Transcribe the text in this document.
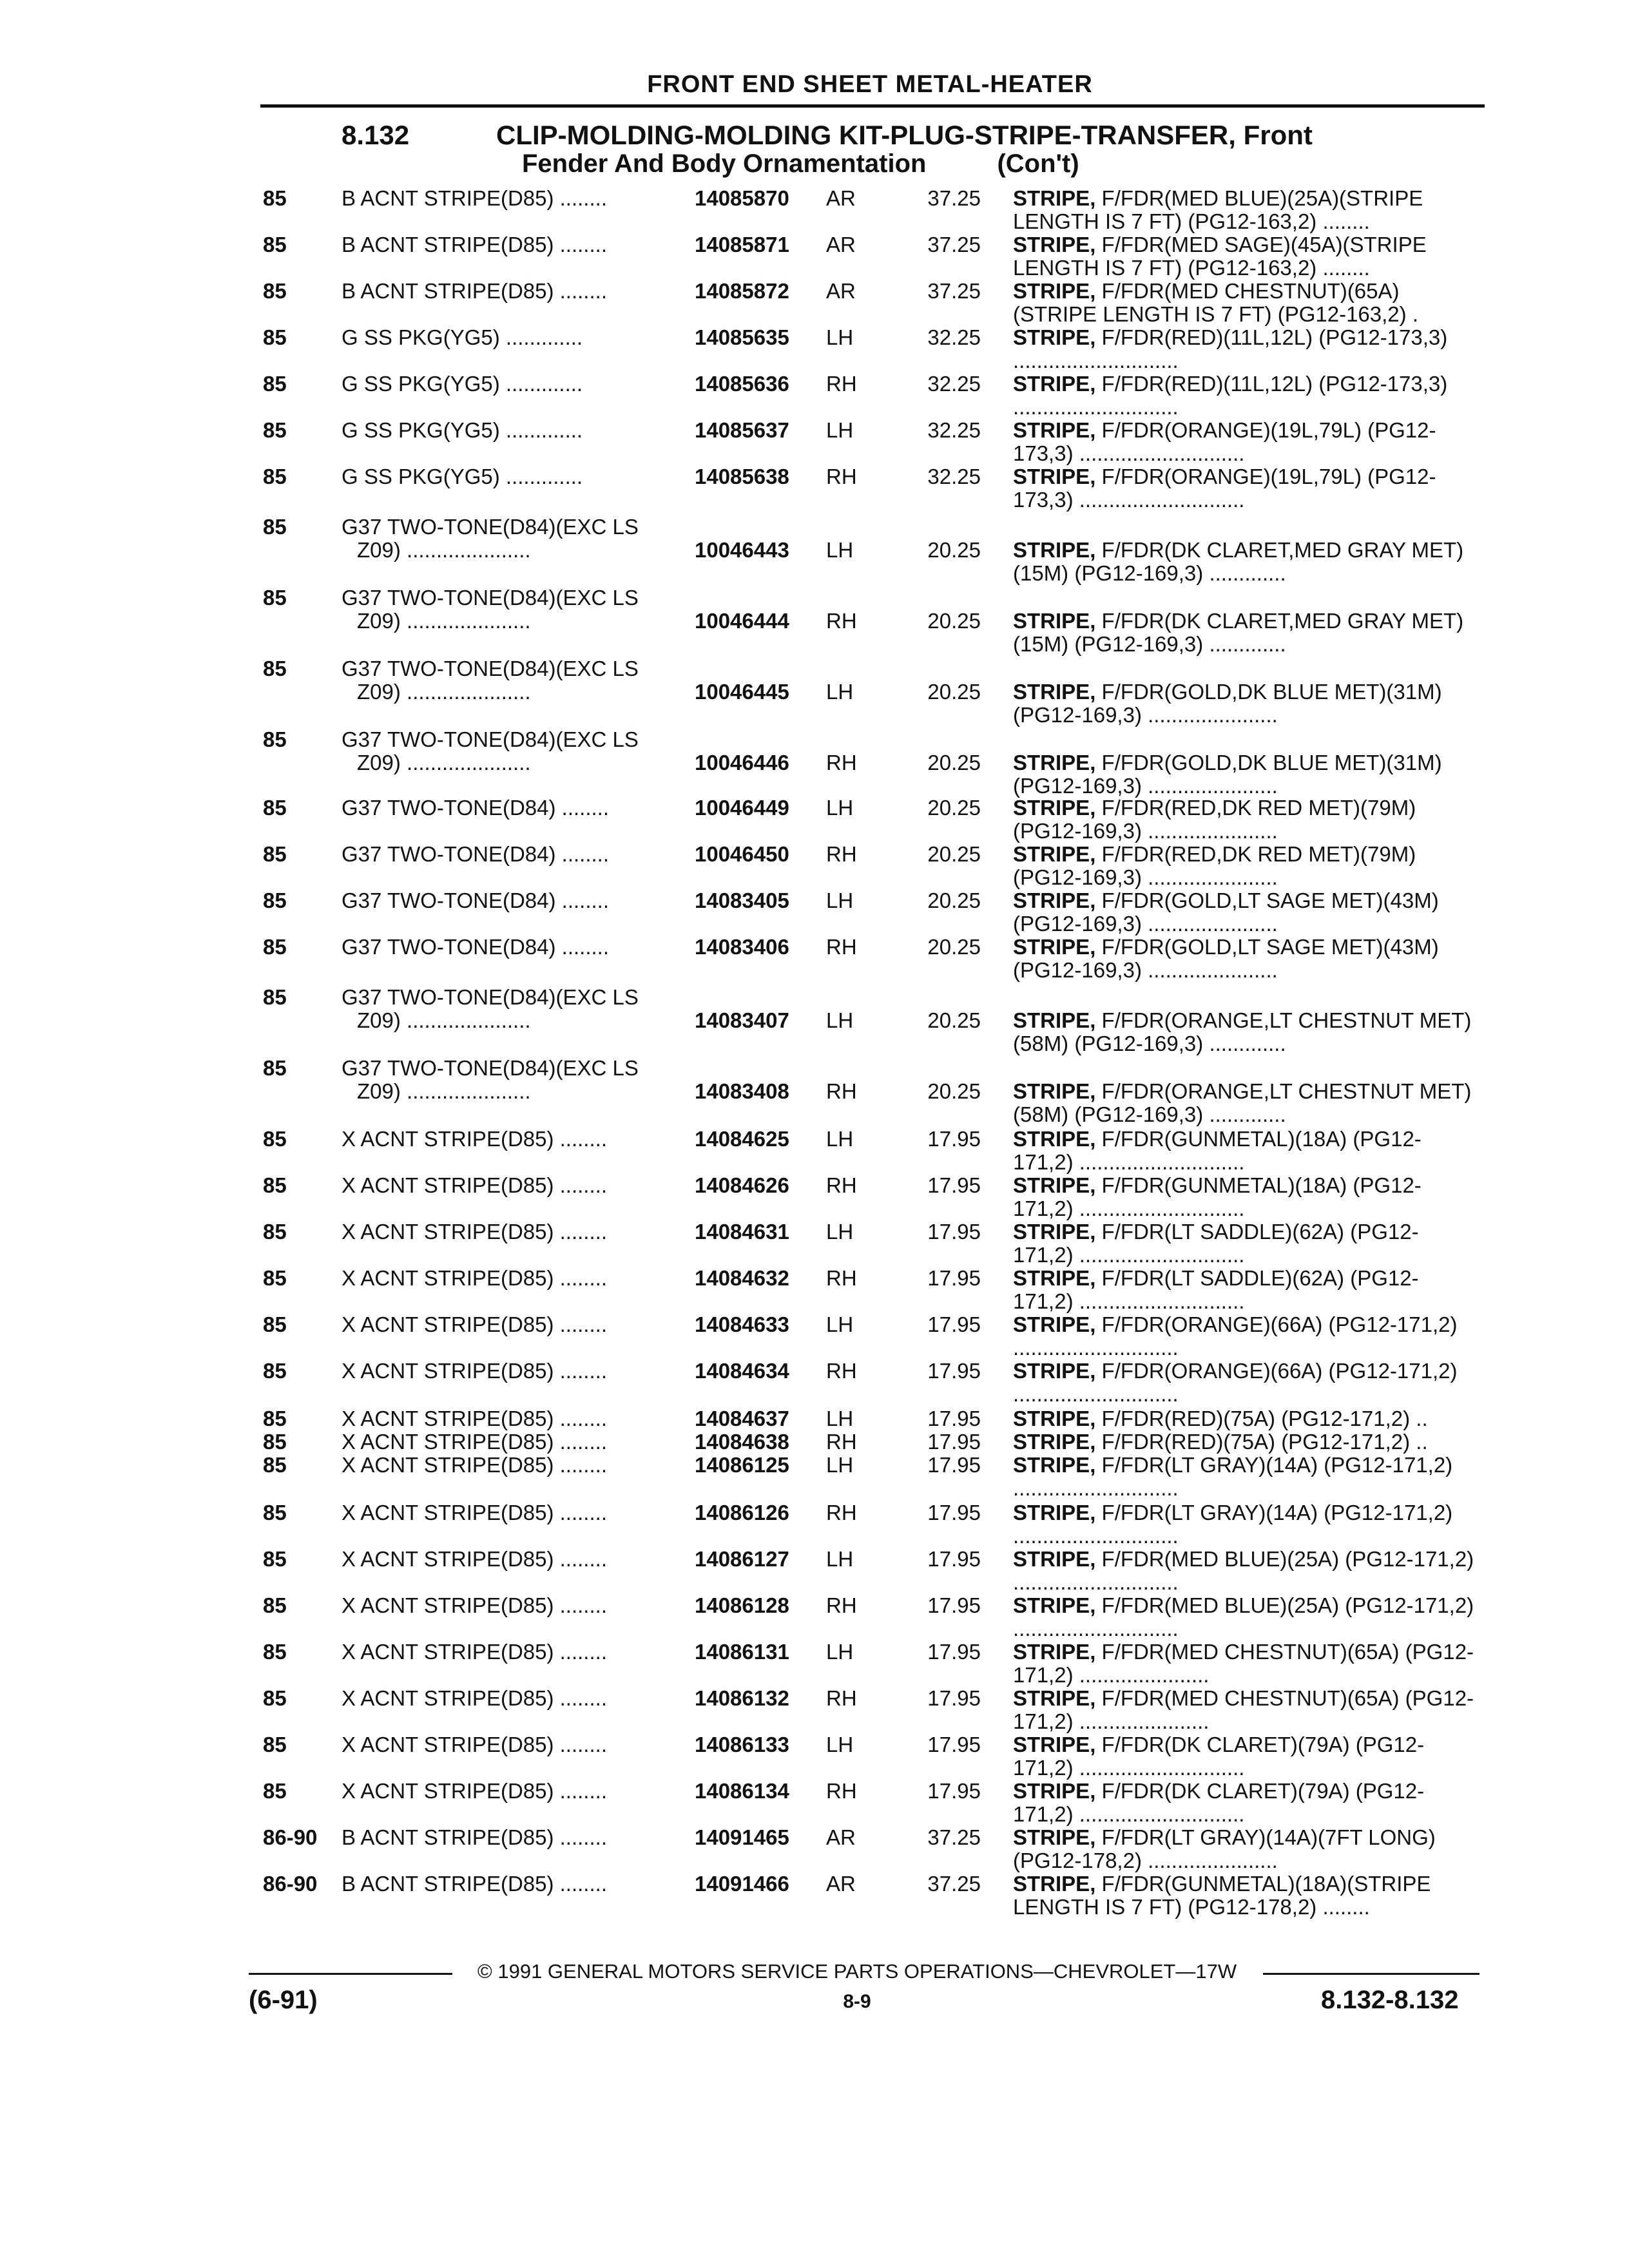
FRONT END SHEET METAL-HEATER
8.132	CLIP-MOLDING-MOLDING KIT-PLUG-STRIPE-TRANSFER, Front
Fender And Body Ornamentation	(Con't)
85	B ACNT STRIPE(D85) ........	14085870 AR	37.25 STRIPE, F/FDR(MED BLUE)(25A)(STRIPE LENGTH IS 7 FT) (PG12-163,2) ........
85	B ACNT STRIPE(D85) ........	14085871 AR	37.25 STRIPE, F/FDR(MED SAGE)(45A)(STRIPE LENGTH IS 7 FT) (PG12-163,2) ........
85	B ACNT STRIPE(D85) ........	14085872 AR	37.25 STRIPE, F/FDR(MED CHESTNUT)(65A) (STRIPE LENGTH IS 7 FT) (PG12-163,2) .
85	G SS PKG(YG5) .............	14085635 LH	32.25 STRIPE, F/FDR(RED)(11L,12L) (PG12-173,3) ............................
85	G SS PKG(YG5) .............	14085636 RH	32.25 STRIPE, F/FDR(RED)(11L,12L) (PG12-173,3) ............................
85	G SS PKG(YG5) .............	14085637 LH	32.25 STRIPE, F/FDR(ORANGE)(19L,79L) (PG12-173,3) ............................
85	G SS PKG(YG5) .............	14085638 RH	32.25 STRIPE, F/FDR(ORANGE)(19L,79L) (PG12-173,3) ............................
85	G37 TWO-TONE(D84)(EXC LS
Z09) .....................	10046443 LH	20.25 STRIPE, F/FDR(DK CLARET,MED GRAY MET)(15M) (PG12-169,3) .............
85	G37 TWO-TONE(D84)(EXC LS
Z09) .....................	10046444 RH	20.25 STRIPE, F/FDR(DK CLARET,MED GRAY MET)(15M) (PG12-169,3) .............
85	G37 TWO-TONE(D84)(EXC LS
Z09) .....................	10046445 LH	20.25 STRIPE, F/FDR(GOLD,DK BLUE MET)(31M) (PG12-169,3) ......................
85	G37 TWO-TONE(D84)(EXC LS
Z09) .....................	10046446 RH	20.25 STRIPE, F/FDR(GOLD,DK BLUE MET)(31M) (PG12-169,3) ......................
85	G37 TWO-TONE(D84) ........	10046449 LH	20.25 STRIPE, F/FDR(RED,DK RED MET)(79M) (PG12-169,3) ......................
85	G37 TWO-TONE(D84) ........	10046450 RH	20.25 STRIPE, F/FDR(RED,DK RED MET)(79M) (PG12-169,3) ......................
85	G37 TWO-TONE(D84) ........	14083405 LH	20.25 STRIPE, F/FDR(GOLD,LT SAGE MET)(43M) (PG12-169,3) ......................
85	G37 TWO-TONE(D84) ........	14083406 RH	20.25 STRIPE, F/FDR(GOLD,LT SAGE MET)(43M) (PG12-169,3) ......................
85	G37 TWO-TONE(D84)(EXC LS
Z09) .....................	14083407 LH	20.25 STRIPE, F/FDR(ORANGE,LT CHESTNUT MET)(58M) (PG12-169,3) .............
85	G37 TWO-TONE(D84)(EXC LS
Z09) .....................	14083408 RH	20.25 STRIPE, F/FDR(ORANGE,LT CHESTNUT MET)(58M) (PG12-169,3) .............
85	X ACNT STRIPE(D85) ........	14084625 LH	17.95 STRIPE, F/FDR(GUNMETAL)(18A) (PG12-171,2) ............................
85	X ACNT STRIPE(D85) ........	14084626 RH	17.95 STRIPE, F/FDR(GUNMETAL)(18A) (PG12-171,2) ............................
85	X ACNT STRIPE(D85) ........	14084631 LH	17.95 STRIPE, F/FDR(LT SADDLE)(62A) (PG12-171,2) ............................
85	X ACNT STRIPE(D85) ........	14084632 RH	17.95 STRIPE, F/FDR(LT SADDLE)(62A) (PG12-171,2) ............................
85	X ACNT STRIPE(D85) ........	14084633 LH	17.95 STRIPE, F/FDR(ORANGE)(66A) (PG12-171,2) ............................
85	X ACNT STRIPE(D85) ........	14084634 RH	17.95 STRIPE, F/FDR(ORANGE)(66A) (PG12-171,2) ............................
85	X ACNT STRIPE(D85) ........	14084637 LH	17.95 STRIPE, F/FDR(RED)(75A) (PG12-171,2) ..
85	X ACNT STRIPE(D85) ........	14084638 RH	17.95 STRIPE, F/FDR(RED)(75A) (PG12-171,2) ..
85	X ACNT STRIPE(D85) ........	14086125 LH	17.95 STRIPE, F/FDR(LT GRAY)(14A) (PG12-171,2) ............................
85	X ACNT STRIPE(D85) ........	14086126 RH	17.95 STRIPE, F/FDR(LT GRAY)(14A) (PG12-171,2) ............................
85	X ACNT STRIPE(D85) ........	14086127 LH	17.95 STRIPE, F/FDR(MED BLUE)(25A) (PG12-171,2) ............................
85	X ACNT STRIPE(D85) ........	14086128 RH	17.95 STRIPE, F/FDR(MED BLUE)(25A) (PG12-171,2) ............................
85	X ACNT STRIPE(D85) ........	14086131 LH	17.95 STRIPE, F/FDR(MED CHESTNUT)(65A) (PG12-171,2) ......................
85	X ACNT STRIPE(D85) ........	14086132 RH	17.95 STRIPE, F/FDR(MED CHESTNUT)(65A) (PG12-171,2) ......................
85	X ACNT STRIPE(D85) ........	14086133 LH	17.95 STRIPE, F/FDR(DK CLARET)(79A) (PG12-171,2) ............................
85	X ACNT STRIPE(D85) ........	14086134 RH	17.95 STRIPE, F/FDR(DK CLARET)(79A) (PG12-171,2) ............................
86-90 B ACNT STRIPE(D85) ........	14091465 AR	37.25 STRIPE, F/FDR(LT GRAY)(14A)(7FT LONG) (PG12-178,2) ......................
86-90 B ACNT STRIPE(D85) ........	14091466 AR	37.25 STRIPE, F/FDR(GUNMETAL)(18A)(STRIPE LENGTH IS 7 FT) (PG12-178,2) ........
© 1991 GENERAL MOTORS SERVICE PARTS OPERATIONS—CHEVROLET—17W
(6-91)	8-9	8.132-8.132
